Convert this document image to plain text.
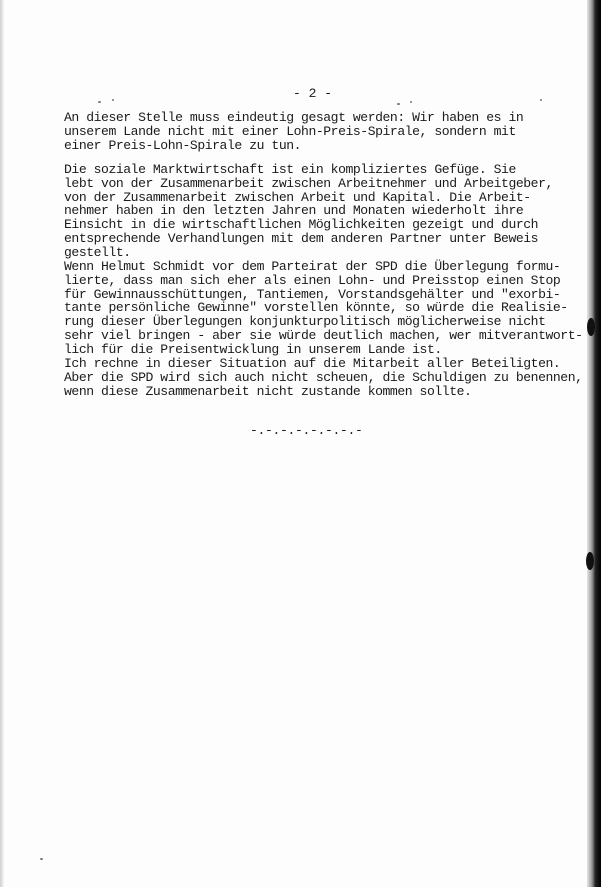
- 2 -

An dieser Stelle muss eindeutig gesagt werden: Wir haben es in
unserem Lande nicht mit einer Lohn-Preis-Spirale, sondern mit
einer Preis-Lohn-Spirale zu tun.

Die soziale Marktwirtschaft ist ein kompliziertes Gefüge. Sie
lebt von der Zusammenarbeit zwischen Arbeitnehmer und Arbeitgeber,
von der Zusammenarbeit zwischen Arbeit und Kapital. Die Arbeit-
nehmer haben in den letzten Jahren und Monaten wiederholt ihre
Einsicht in die wirtschaftlichen Möglichkeiten gezeigt und durch
entsprechende Verhandlungen mit dem anderen Partner unter Beweis
gestellt.

Wenn Helmut Schmidt vor dem Parteirat der SPD die Überlegung formu-
lierte, dass man sich eher als einen Lohn- und Preisstop einen Stop
für Gewinnausschüttungen, Tantiemen, Vorstandsgehälter und "exorbi-
tante persönliche Gewinne" vorstellen könnte, so würde die Realisie-
rung dieser Überlegungen konjunkturpolitisch möglicherweise nicht
sehr viel bringen - aber sie würde deutlich machen, wer mitverantwort-
lich für die Preisentwicklung in unserem Lande ist.

Ich rechne in dieser Situation auf die Mitarbeit aller Beteiligten.
Aber die SPD wird sich auch nicht scheuen, die Schuldigen zu benennen,
wenn diese Zusammenarbeit nicht zustande kommen sollte.

-.-.-.-.-.-.-.-
